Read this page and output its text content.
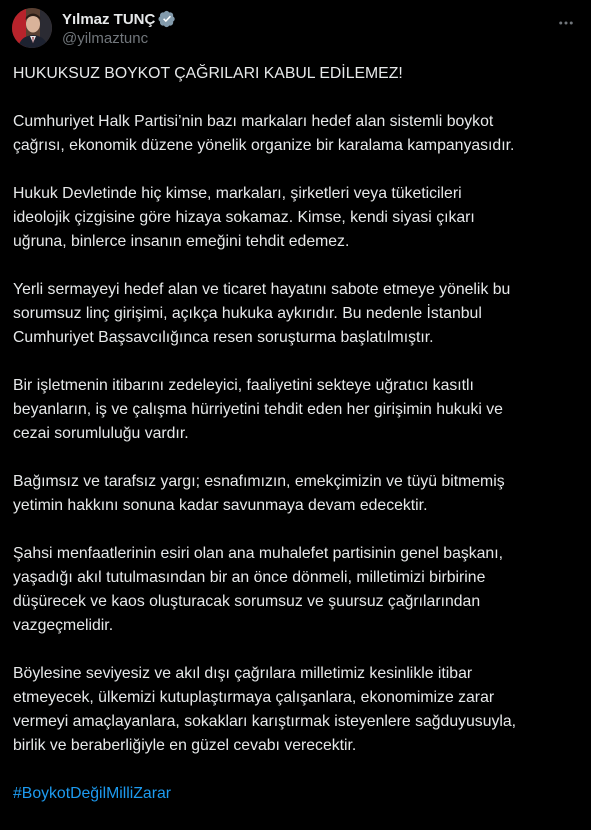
Yılmaz TUNÇ
@yilmaztunc

HUKUKSUZ BOYKOT ÇAĞRILARI KABUL EDİLEMEZ!

Cumhuriyet Halk Partisi’nin bazı markaları hedef alan sistemli boykot
çağrısı, ekonomik düzene yönelik organize bir karalama kampanyasıdır.

Hukuk Devletinde hiç kimse, markaları, şirketleri veya tüketicileri
ideolojik çizgisine göre hizaya sokamaz. Kimse, kendi siyasi çıkarı
uğruna, binlerce insanın emeğini tehdit edemez.

Yerli sermayeyi hedef alan ve ticaret hayatını sabote etmeye yönelik bu
sorumsuz linç girişimi, açıkça hukuka aykırıdır. Bu nedenle İstanbul
Cumhuriyet Başsavcılığınca resen soruşturma başlatılmıştır.

Bir işletmenin itibarını zedeleyici, faaliyetini sekteye uğratıcı kasıtlı
beyanların, iş ve çalışma hürriyetini tehdit eden her girişimin hukuki ve
cezai sorumluluğu vardır.

Bağımsız ve tarafsız yargı; esnafımızın, emekçimizin ve tüyü bitmemiş
yetimin hakkını sonuna kadar savunmaya devam edecektir.

Şahsi menfaatlerinin esiri olan ana muhalefet partisinin genel başkanı,
yaşadığı akıl tutulmasından bir an önce dönmeli, milletimizi birbirine
düşürecek ve kaos oluşturacak sorumsuz ve şuursuz çağrılarından
vazgeçmelidir.

Böylesine seviyesiz ve akıl dışı çağrılara milletimiz kesinlikle itibar
etmeyecek, ülkemizi kutuplaştırmaya çalışanlara, ekonomimize zarar
vermeyi amaçlayanlara, sokakları karıştırmak isteyenlere sağduyusuyla,
birlik ve beraberliğiyle en güzel cevabı verecektir.

#BoykotDeğilMilliZarar
